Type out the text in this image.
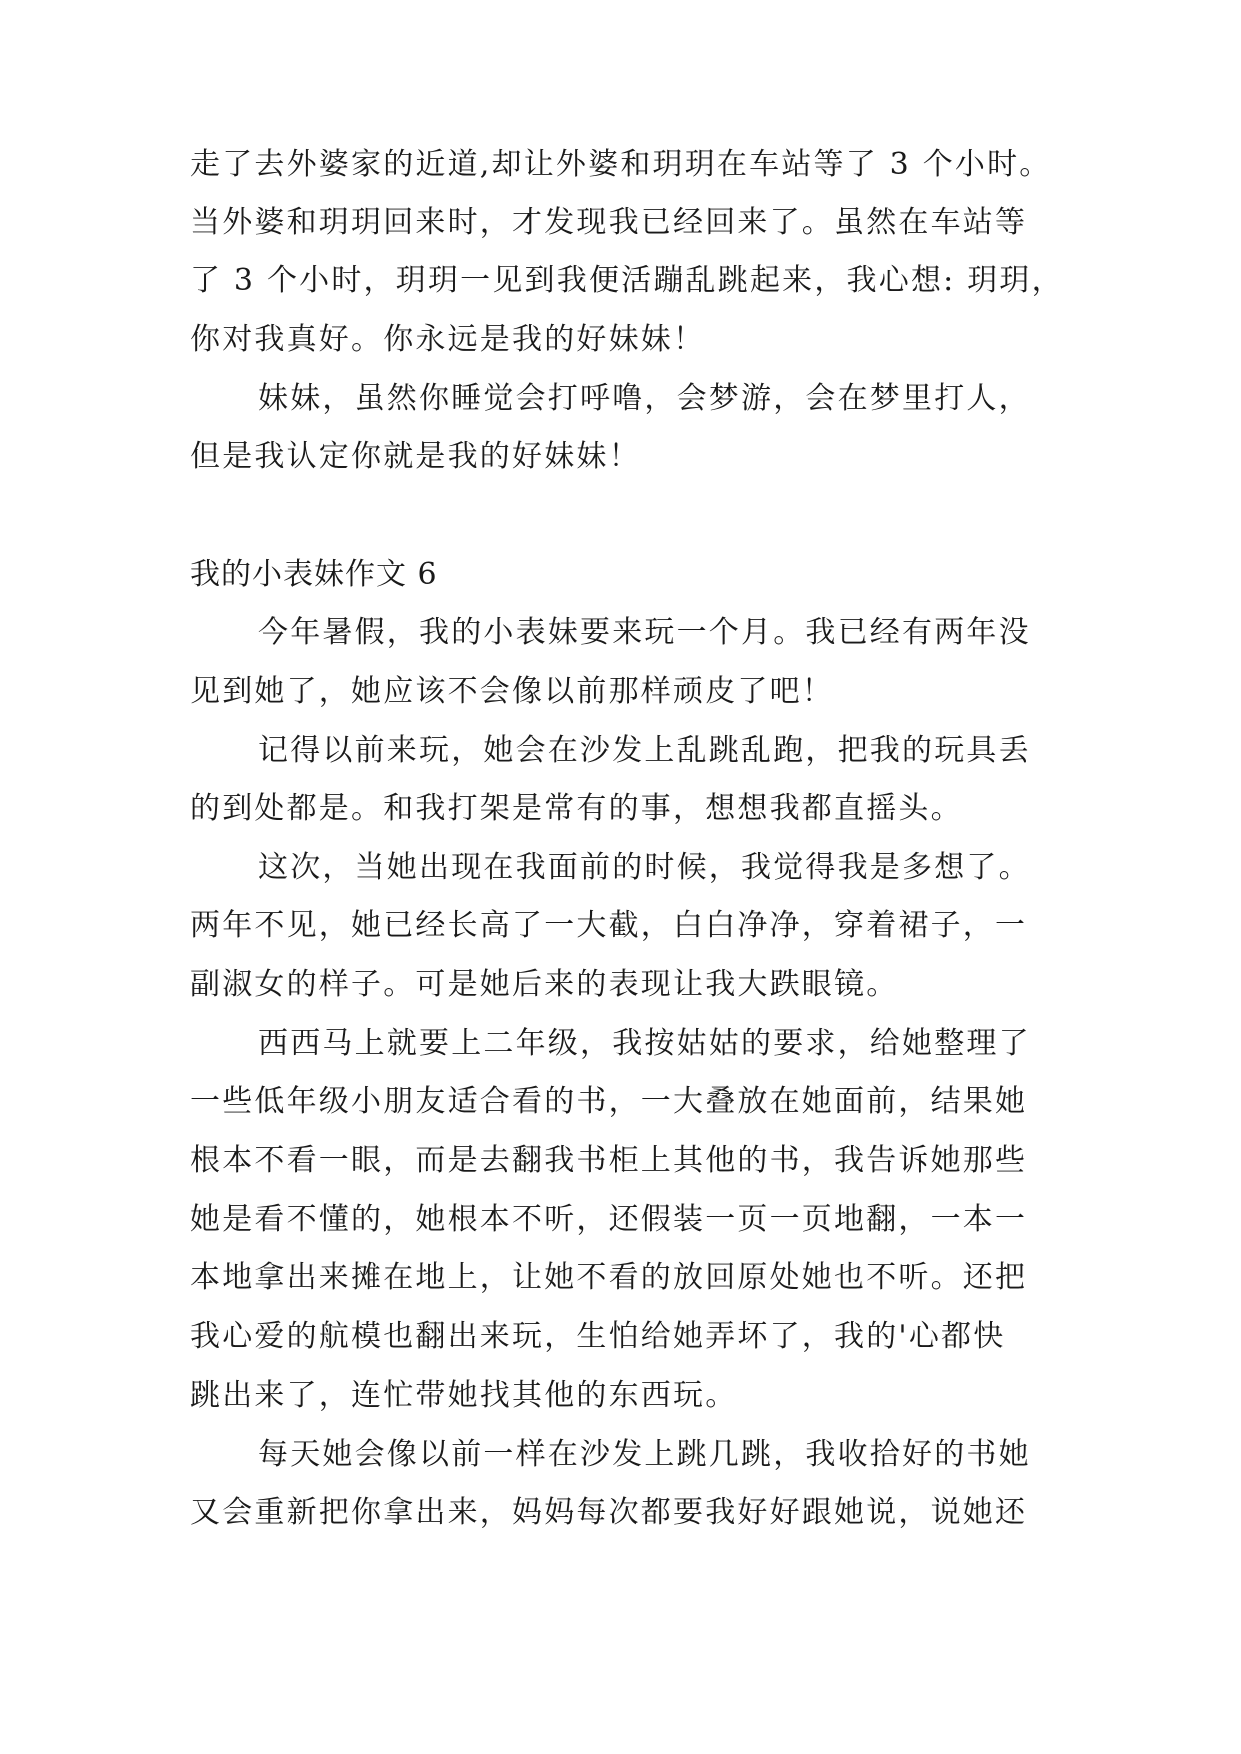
走了去外婆家的近道,却让外婆和玥玥在车站等了 3 个小时。
当外婆和玥玥回来时，才发现我已经回来了。虽然在车站等
了 3 个小时，玥玥一见到我便活蹦乱跳起来，我心想: 玥玥，
你对我真好。你永远是我的好妹妹！
妹妹，虽然你睡觉会打呼噜，会梦游，会在梦里打人，
但是我认定你就是我的好妹妹！
我的小表妹作文 6
今年暑假，我的小表妹要来玩一个月。我已经有两年没
见到她了，她应该不会像以前那样顽皮了吧！
记得以前来玩，她会在沙发上乱跳乱跑，把我的玩具丢
的到处都是。和我打架是常有的事，想想我都直摇头。
这次，当她出现在我面前的时候，我觉得我是多想了。
两年不见，她已经长高了一大截，白白净净，穿着裙子，一
副淑女的样子。可是她后来的表现让我大跌眼镜。
西西马上就要上二年级，我按姑姑的要求，给她整理了
一些低年级小朋友适合看的书，一大叠放在她面前，结果她
根本不看一眼，而是去翻我书柜上其他的书，我告诉她那些
她是看不懂的，她根本不听，还假装一页一页地翻，一本一
本地拿出来摊在地上，让她不看的放回原处她也不听。还把
我心爱的航模也翻出来玩，生怕给她弄坏了，我的'心都快
跳出来了，连忙带她找其他的东西玩。
每天她会像以前一样在沙发上跳几跳，我收拾好的书她
又会重新把你拿出来，妈妈每次都要我好好跟她说，说她还
